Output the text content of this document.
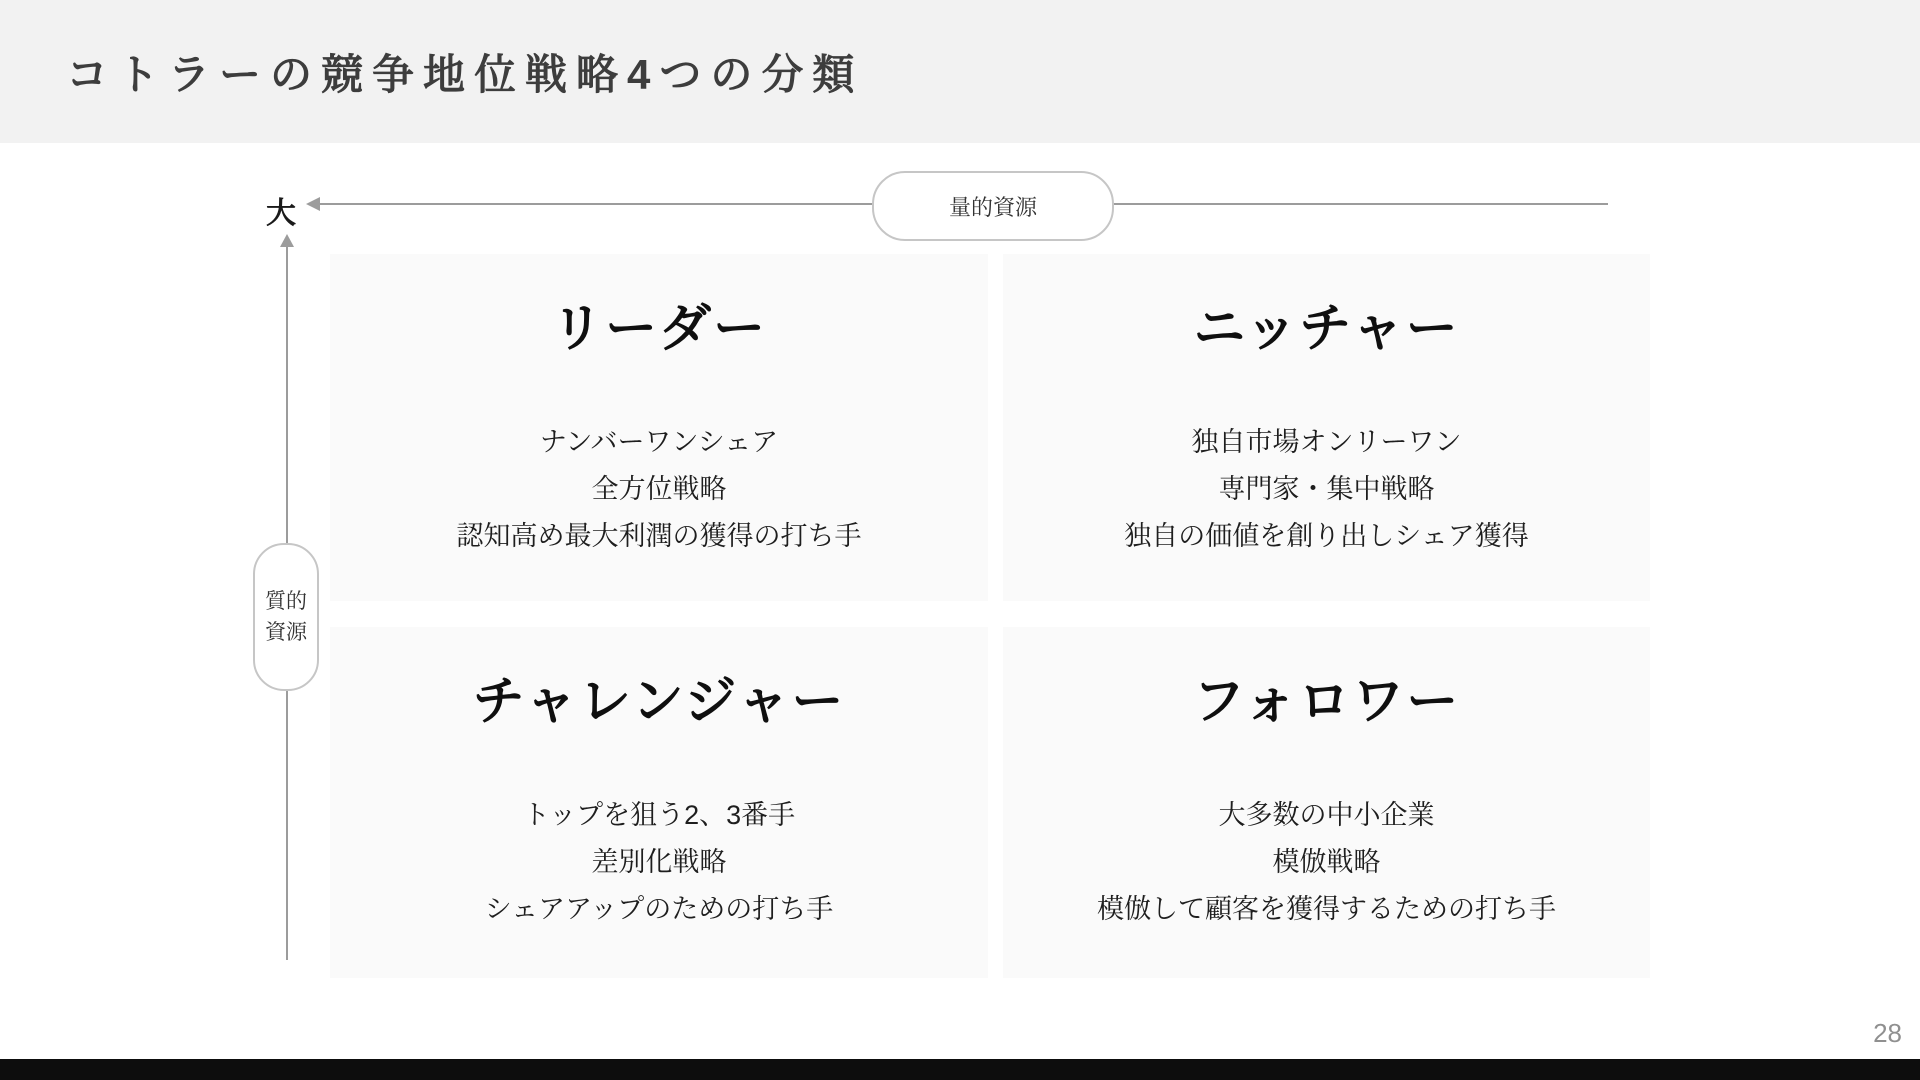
コトラーの競争地位戦略4つの分類
大	量的資源
質的
資源
リーダー
ナンバーワンシェア
全方位戦略
認知高め最大利潤の獲得の打ち手
ニッチャー
独自市場オンリーワン
専門家・集中戦略
独自の価値を創り出しシェア獲得
チャレンジャー
トップを狙う2、3番手
差別化戦略
シェアアップのための打ち手
フォロワー
大多数の中小企業
模倣戦略
模倣して顧客を獲得するための打ち手
28
